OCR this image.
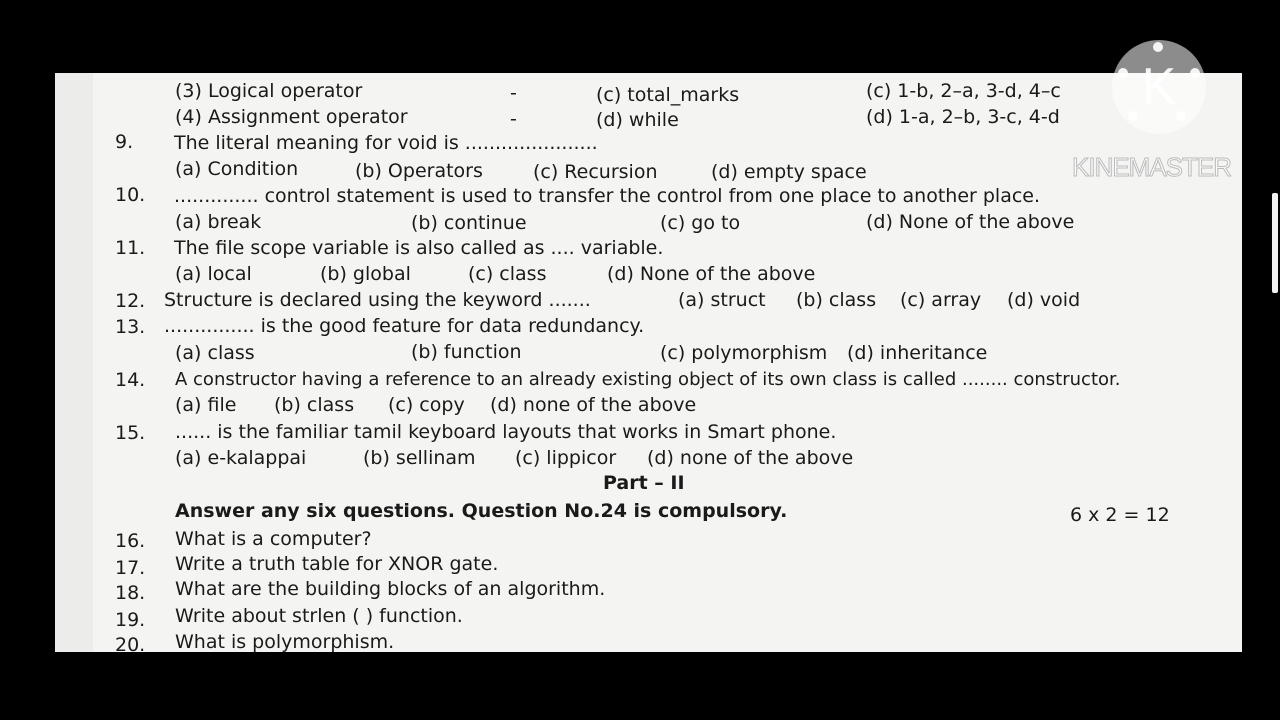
(3) Logical operator	-	(c) total_marks	(c) 1-b, 2–a, 3-d, 4–c
(4) Assignment operator	-	(d) while	(d) 1-a, 2–b, 3-c, 4-d
9. The literal meaning for void is ......................
(a) Condition	(b) Operators	(c) Recursion	(d) empty space
10. .............. control statement is used to transfer the control from one place to another place.
(a) break	(b) continue	(c) go to	(d) None of the above
11. The file scope variable is also called as .... variable.
(a) local	(b) global	(c) class	(d) None of the above
12. Structure is declared using the keyword .......	(a) struct (b) class (c) array (d) void
13. ............... is the good feature for data redundancy.
(a) class	(b) function	(c) polymorphism (d) inheritance
14. A constructor having a reference to an already existing object of its own class is called ........ constructor.
(a) file (b) class (c) copy (d) none of the above
15. ...... is the familiar tamil keyboard layouts that works in Smart phone.
(a) e-kalappai	(b) sellinam (c) lippicor (d) none of the above
Part – II
Answer any six questions. Question No.24 is compulsory.	6 x 2 = 12
16. What is a computer?
17. Write a truth table for XNOR gate.
18. What are the building blocks of an algorithm.
19. Write about strlen ( ) function.
20. What is polymorphism.
K
KINEMASTER
